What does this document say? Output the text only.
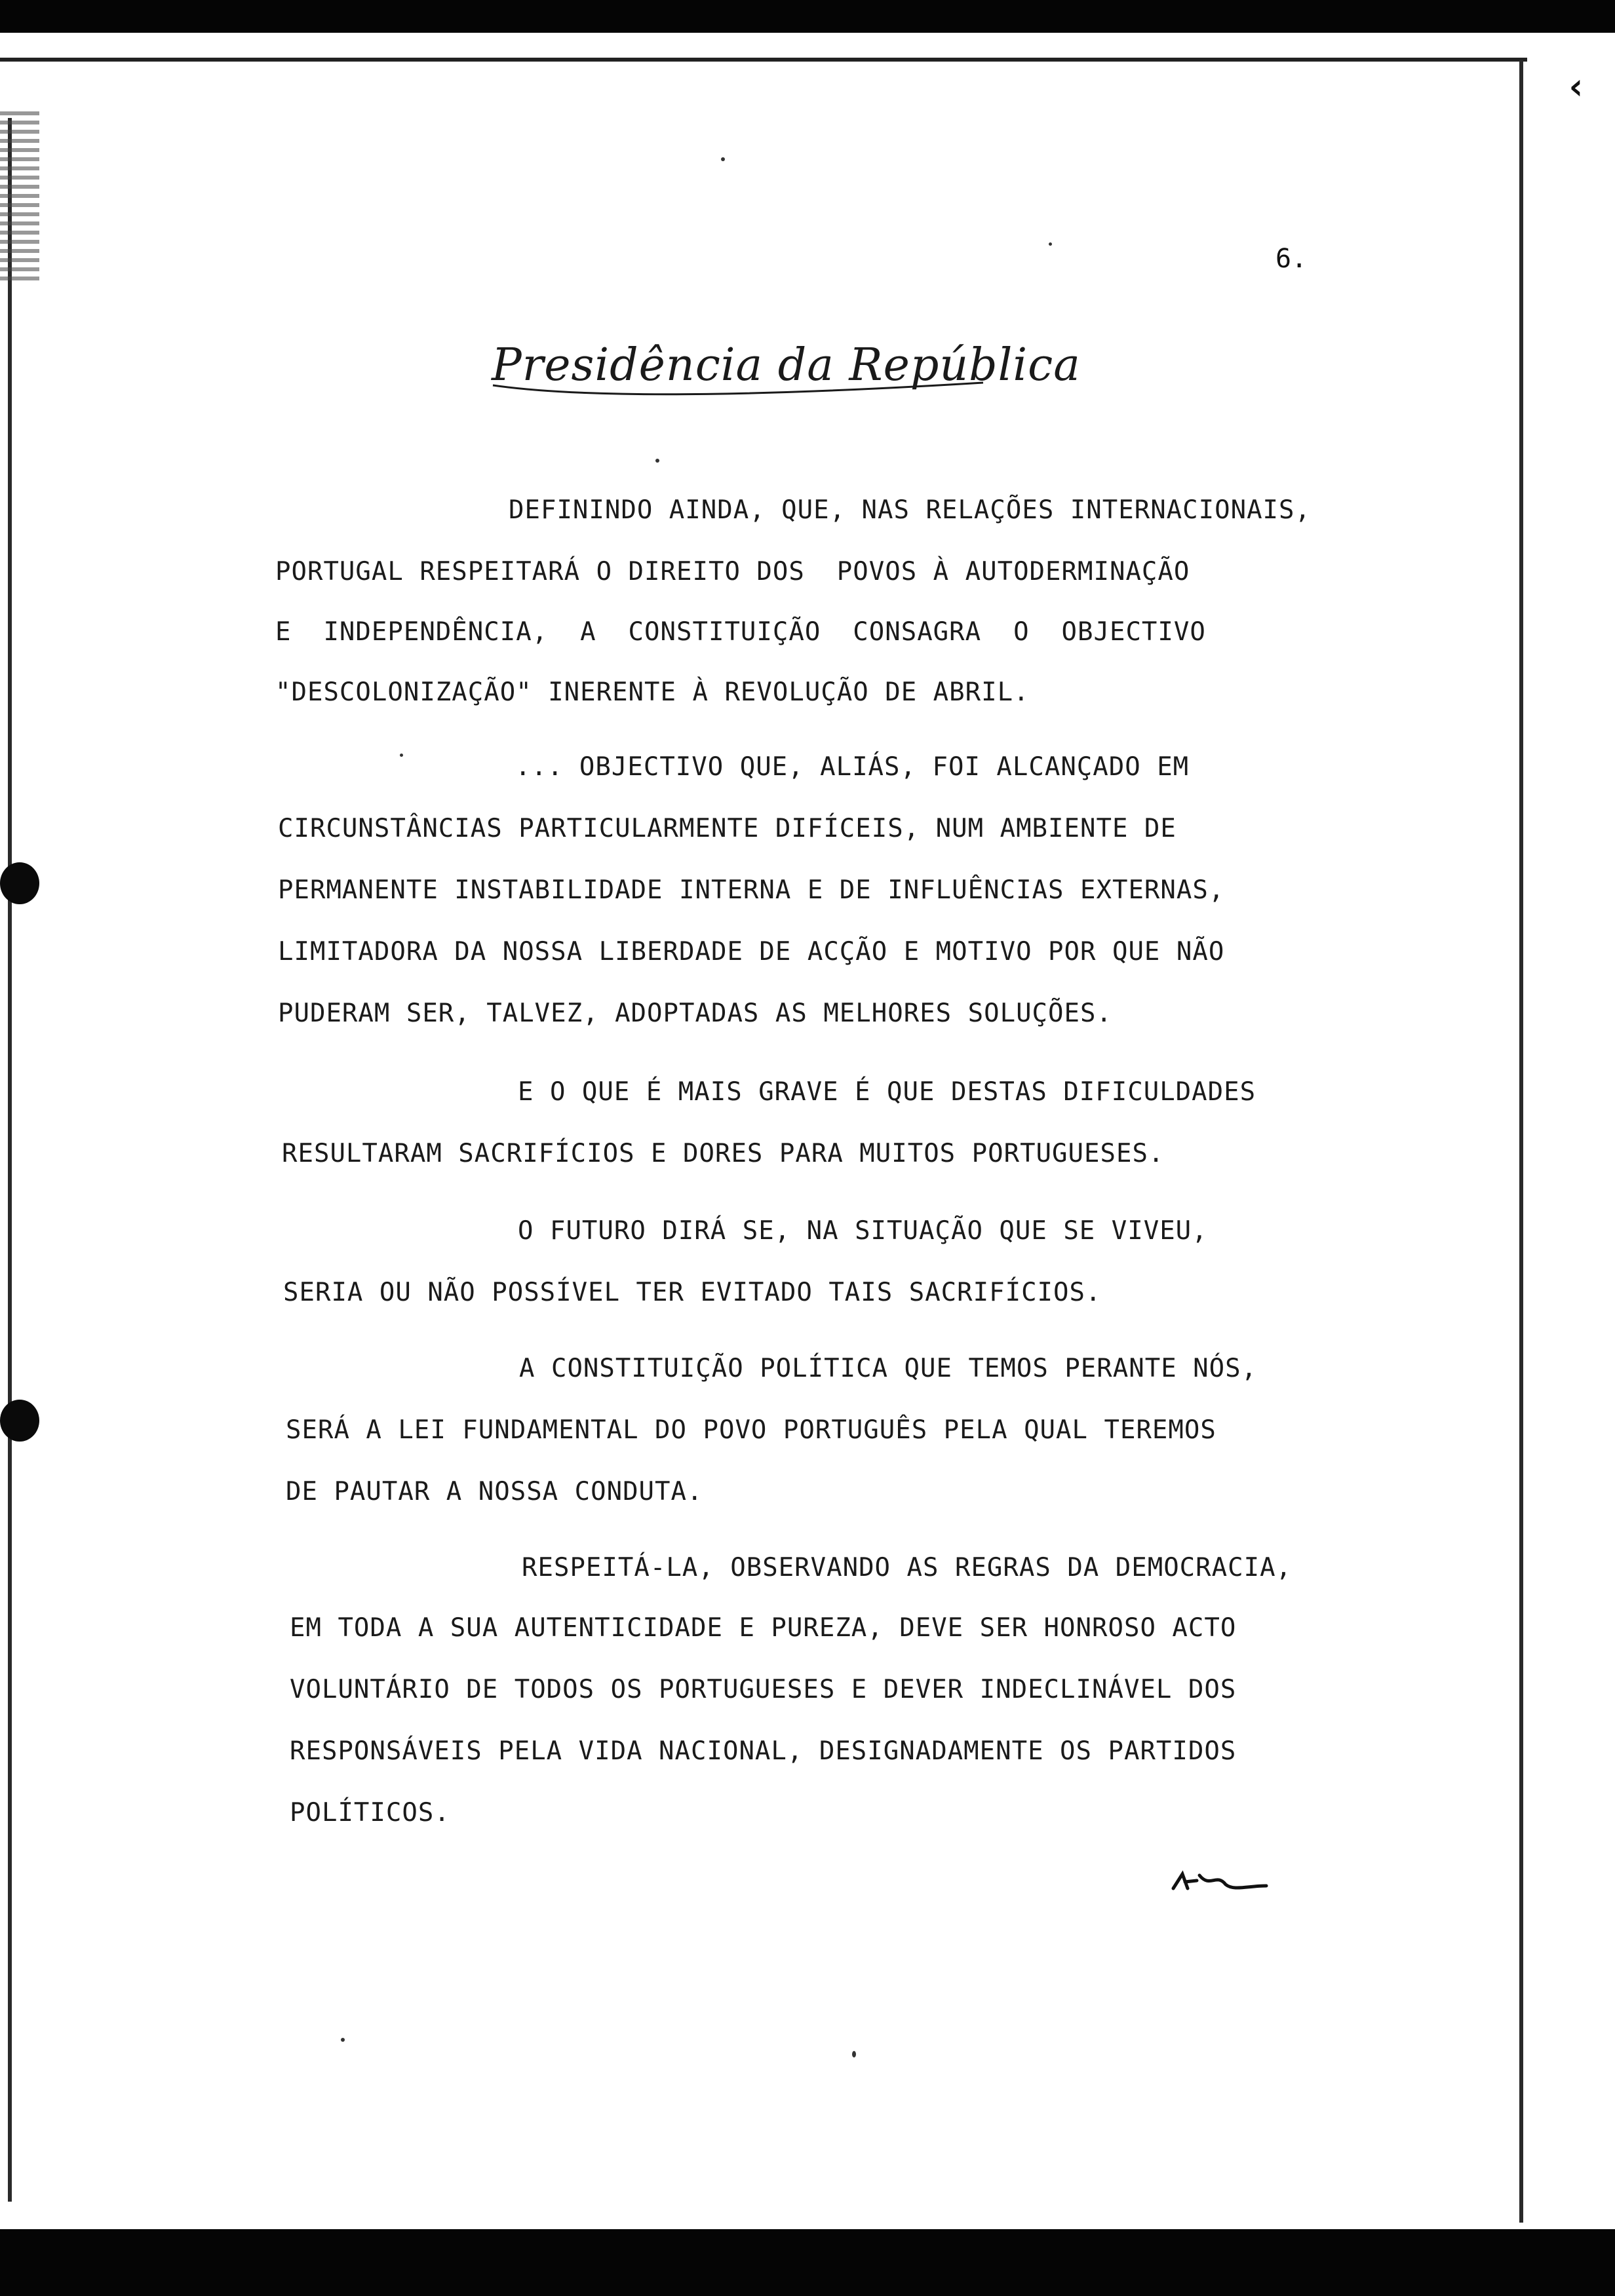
‹
6.
Presidência da República
DEFININDO AINDA, QUE, NAS RELAÇÕES INTERNACIONAIS,
PORTUGAL RESPEITARÁ O DIREITO DOS  POVOS À AUTODERMINAÇÃO
E  INDEPENDÊNCIA,  A  CONSTITUIÇÃO  CONSAGRA  O  OBJECTIVO
"DESCOLONIZAÇÃO" INERENTE À REVOLUÇÃO DE ABRIL.
... OBJECTIVO QUE, ALIÁS, FOI ALCANÇADO EM
CIRCUNSTÂNCIAS PARTICULARMENTE DIFÍCEIS, NUM AMBIENTE DE
PERMANENTE INSTABILIDADE INTERNA E DE INFLUÊNCIAS EXTERNAS,
LIMITADORA DA NOSSA LIBERDADE DE ACÇÃO E MOTIVO POR QUE NÃO
PUDERAM SER, TALVEZ, ADOPTADAS AS MELHORES SOLUÇÕES.
E O QUE É MAIS GRAVE É QUE DESTAS DIFICULDADES
RESULTARAM SACRIFÍCIOS E DORES PARA MUITOS PORTUGUESES.
O FUTURO DIRÁ SE, NA SITUAÇÃO QUE SE VIVEU,
SERIA OU NÃO POSSÍVEL TER EVITADO TAIS SACRIFÍCIOS.
A CONSTITUIÇÃO POLÍTICA QUE TEMOS PERANTE NÓS,
SERÁ A LEI FUNDAMENTAL DO POVO PORTUGUÊS PELA QUAL TEREMOS
DE PAUTAR A NOSSA CONDUTA.
RESPEITÁ-LA, OBSERVANDO AS REGRAS DA DEMOCRACIA,
EM TODA A SUA AUTENTICIDADE E PUREZA, DEVE SER HONROSO ACTO
VOLUNTÁRIO DE TODOS OS PORTUGUESES E DEVER INDECLINÁVEL DOS
RESPONSÁVEIS PELA VIDA NACIONAL, DESIGNADAMENTE OS PARTIDOS
POLÍTICOS.
